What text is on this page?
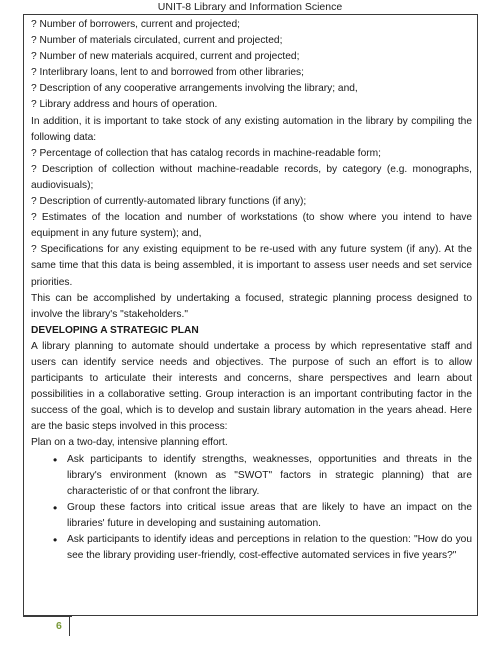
UNIT-8 Library and Information Science

? Number of borrowers, current and projected;

? Number of materials circulated, current and projected;

? Number of new materials acquired, current and projected;

? Interlibrary loans, lent to and borrowed from other libraries;

? Description of any cooperative arrangements involving the library; and,

? Library address and hours of operation.

In addition, it is important to take stock of any existing automation in the library by compiling the following data:

? Percentage of collection that has catalog records in machine-readable form;

? Description of collection without machine-readable records, by category (e.g. monographs, audiovisuals);

? Description of currently-automated library functions (if any);

? Estimates of the location and number of workstations (to show where you intend to have equipment in any future system); and,

? Specifications for any existing equipment to be re-used with any future system (if any). At the same time that this data is being assembled, it is important to assess user needs and set service priorities.

This can be accomplished by undertaking a focused, strategic planning process designed to involve the library's "stakeholders."

DEVELOPING A STRATEGIC PLAN

A library planning to automate should undertake a process by which representative staff and users can identify service needs and objectives. The purpose of such an effort is to allow participants to articulate their interests and concerns, share perspectives and learn about possibilities in a collaborative setting. Group interaction is an important contributing factor in the success of the goal, which is to develop and sustain library automation in the years ahead. Here are the basic steps involved in this process:

Plan on a two-day, intensive planning effort.

• Ask participants to identify strengths, weaknesses, opportunities and threats in the library's environment (known as "SWOT" factors in strategic planning) that are characteristic of or that confront the library.
• Group these factors into critical issue areas that are likely to have an impact on the libraries' future in developing and sustaining automation.
• Ask participants to identify ideas and perceptions in relation to the question: "How do you see the library providing user-friendly, cost-effective automated services in five years?"
6
